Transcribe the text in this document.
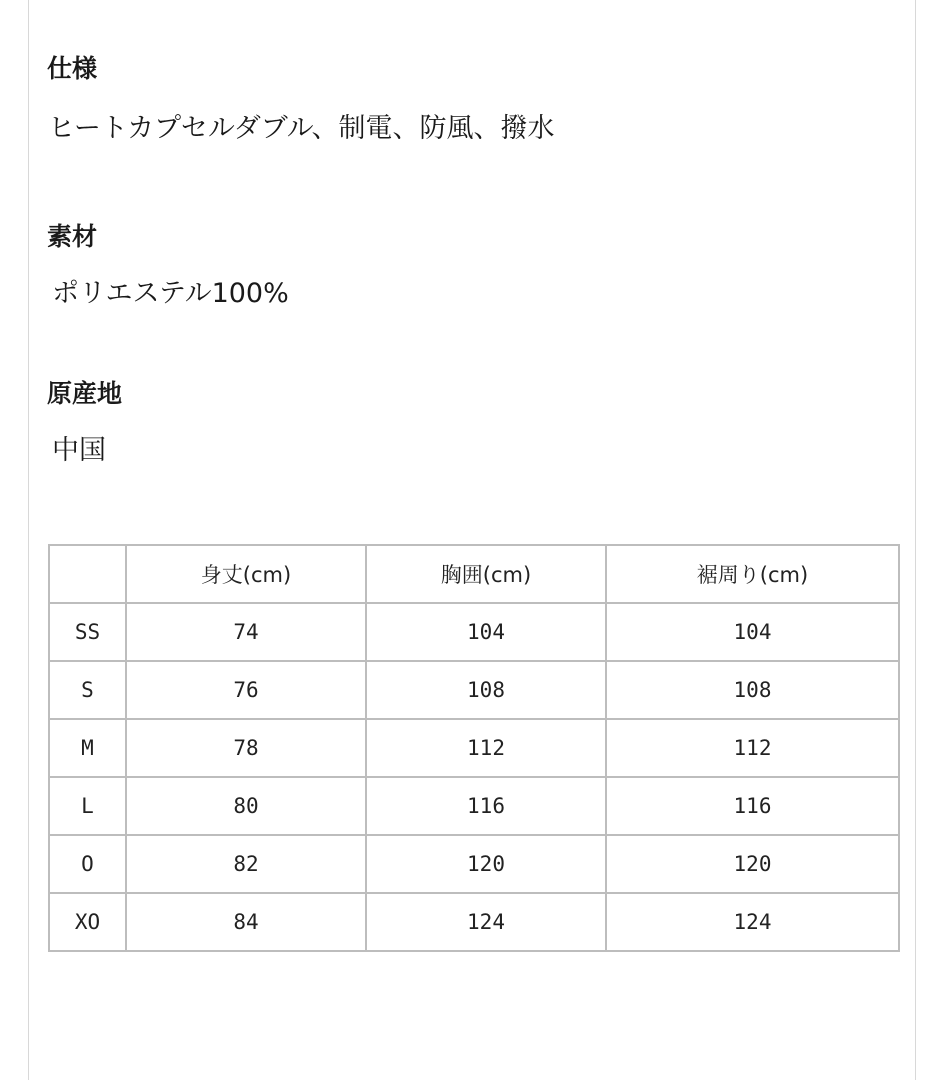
仕様

ヒートカプセルダブル、制電、防風、撥水

素材

ポリエステル100%

原産地

中国

	身丈(cm)	胸囲(cm)	裾周り(cm)
SS	74	104	104
S	76	108	108
M	78	112	112
L	80	116	116
O	82	120	120
XO	84	124	124
